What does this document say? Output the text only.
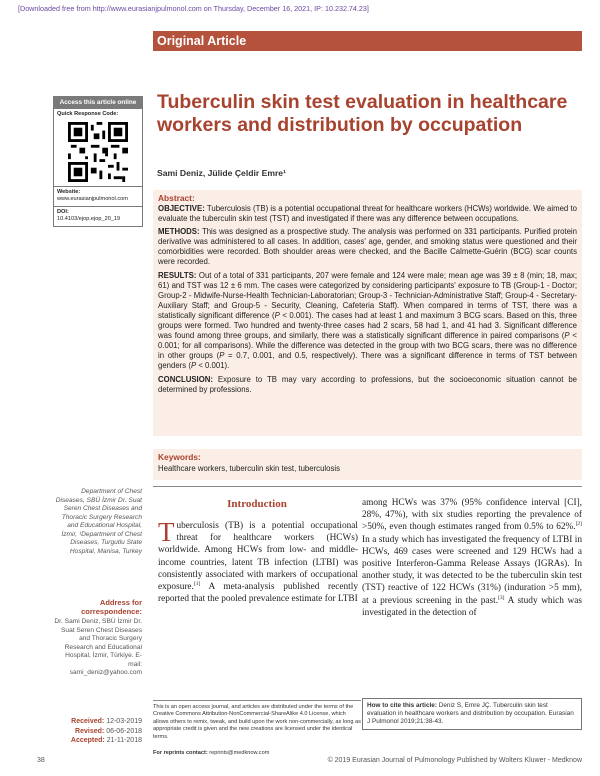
[Downloaded free from http://www.eurasianjpulmonol.com on Thursday, December 16, 2021, IP: 10.232.74.23]
Original Article
Access this article online
Quick Response Code:
Website:
www.eurasianjpulmonol.com
DOI:
10.4103/ejop.ejop_20_19
Tuberculin skin test evaluation in healthcare workers and distribution by occupation
Sami Deniz, Jülide Çeldir Emre¹
Abstract:
OBJECTIVE: Tuberculosis (TB) is a potential occupational threat for healthcare workers (HCWs) worldwide. We aimed to evaluate the tuberculin skin test (TST) and investigated if there was any difference between occupations.
METHODS: This was designed as a prospective study. The analysis was performed on 331 participants. Purified protein derivative was administered to all cases. In addition, cases' age, gender, and smoking status were questioned and their comorbidities were recorded. Both shoulder areas were checked, and the Bacille Calmette-Guérin (BCG) scar counts were recorded.
RESULTS: Out of a total of 331 participants, 207 were female and 124 were male; mean age was 39 ± 8 (min; 18, max; 61) and TST was 12 ± 6 mm. The cases were categorized by considering participants' exposure to TB (Group-1 - Doctor; Group-2 - Midwife-Nurse-Health Technician-Laboratorian; Group-3 - Technician-Administrative Staff; Group-4 - Secretary-Auxiliary Staff; and Group-5 - Security, Cleaning, Cafeteria Staff). When compared in terms of TST, there was a statistically significant difference (P < 0.001). The cases had at least 1 and maximum 3 BCG scars. Based on this, three groups were formed. Two hundred and twenty-three cases had 2 scars, 58 had 1, and 41 had 3. Significant difference was found among three groups, and similarly, there was a statistically significant difference in paired comparisons (P < 0.001; for all comparisons). While the difference was detected in the group with two BCG scars, there was no difference in other groups (P = 0.7, 0.001, and 0.5, respectively). There was a significant difference in terms of TST between genders (P < 0.001).
CONCLUSION: Exposure to TB may vary according to professions, but the socioeconomic situation cannot be determined by professions.
Keywords:
Healthcare workers, tuberculin skin test, tuberculosis
Department of Chest Diseases, SBÜ İzmir Dr. Suat Seren Chest Diseases and Thoracic Surgery Research and Educational Hospital, İzmir, ¹Department of Chest Diseases, Turgutlu State Hospital, Manisa, Turkey
Address for correspondence:
Dr. Sami Deniz, SBÜ İzmir Dr. Suat Seren Chest Diseases and Thoracic Surgery Research and Educational Hospital, İzmir, Türkiye. E-mail: sami_deniz@yahoo.com
Received: 12-03-2019
Revised: 06-06-2018
Accepted: 21-11-2018
Introduction
Tuberculosis (TB) is a potential occupational threat for healthcare workers (HCWs) worldwide. Among HCWs from low- and middle-income countries, latent TB infection (LTBI) was consistently associated with markers of occupational exposure.[1] A meta-analysis published recently reported that the pooled prevalence estimate for LTBI
among HCWs was 37% (95% confidence interval [CI], 28%, 47%), with six studies reporting the prevalence of >50%, even though estimates ranged from 0.5% to 62%.[2] In a study which has investigated the frequency of LTBI in HCWs, 469 cases were screened and 129 HCWs had a positive Interferon-Gamma Release Assays (IGRAs). In another study, it was detected to be the tuberculin skin test (TST) reactive of 122 HCWs (31%) (induration >5 mm), at a previous screening in the past.[3] A study which was investigated in the detection of
This is an open access journal, and articles are distributed under the terms of the Creative Commons Attribution-NonCommercial-ShareAlike 4.0 License, which allows others to remix, tweak, and build upon the work non-commercially, as long as appropriate credit is given and the new creations are licensed under the identical terms.
For reprints contact: reprints@medknow.com
How to cite this article: Deniz S, Emre JÇ. Tuberculin skin test evaluation in healthcare workers and distribution by occupation. Eurasian J Pulmonol 2019;21:38-43.
38	© 2019 Eurasian Journal of Pulmonology Published by Wolters Kluwer - Medknow
